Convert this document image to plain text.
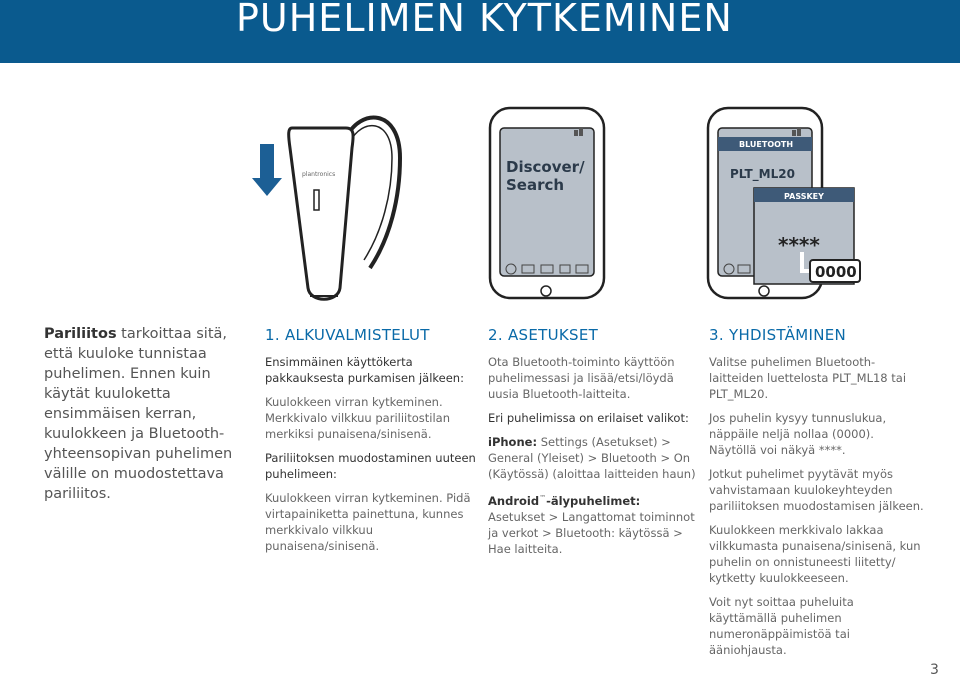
PUHELIMEN KYTKEMINEN
plantronics	Discover/
Search
BLUETOOTH
PLT_ML20
PASSKEY
****
0000
Pariliitos tarkoittaa sitä, että kuuloke tunnistaa puhelimen. Ennen kuin käytät kuuloketta ensimmäisen kerran, kuulokkeen ja Bluetooth-yhteensopivan puhelimen välille on muodostettava pariliitos.
1. ALKUVALMISTELUT

Ensimmäinen käyttökerta pakkauksesta purkamisen jälkeen:

Kuulokkeen virran kytkeminen. Merkkivalo vilkkuu pariliitostilan merkiksi punaisena/sinisenä.

Pariliitoksen muodostaminen uuteen puhelimeen:

Kuulokkeen virran kytkeminen. Pidä virtapainiketta painettuna, kunnes merkkivalo vilkkuu punaisena/sinisenä.

2. ASETUKSET

Ota Bluetooth-toiminto käyttöön puhelimessasi ja lisää/etsi/löydä uusia Bluetooth-laitteita.

Eri puhelimissa on erilaiset valikot:

iPhone: Settings (Asetukset) > General (Yleiset) > Bluetooth > On (Käytössä) (aloittaa laitteiden haun)

Android™-älypuhelimet: Asetukset > Langattomat toiminnot ja verkot > Bluetooth: käytössä > Hae laitteita.

3. YHDISTÄMINEN

Valitse puhelimen Bluetooth-laitteiden luettelosta PLT_ML18 tai PLT_ML20.

Jos puhelin kysyy tunnuslukua, näppäile neljä nollaa (0000). Näytöllä voi näkyä ****.

Jotkut puhelimet pyytävät myös vahvistamaan kuulokeyhteyden pariliitoksen muodostamisen jälkeen.

Kuulokkeen merkkivalo lakkaa vilkkumasta punaisena/sinisenä, kun puhelin on onnistuneesti liitetty/ kytketty kuulokkeeseen.

Voit nyt soittaa puheluita käyttämällä puhelimen numeronäppäimistöä tai ääniohjausta.

3
